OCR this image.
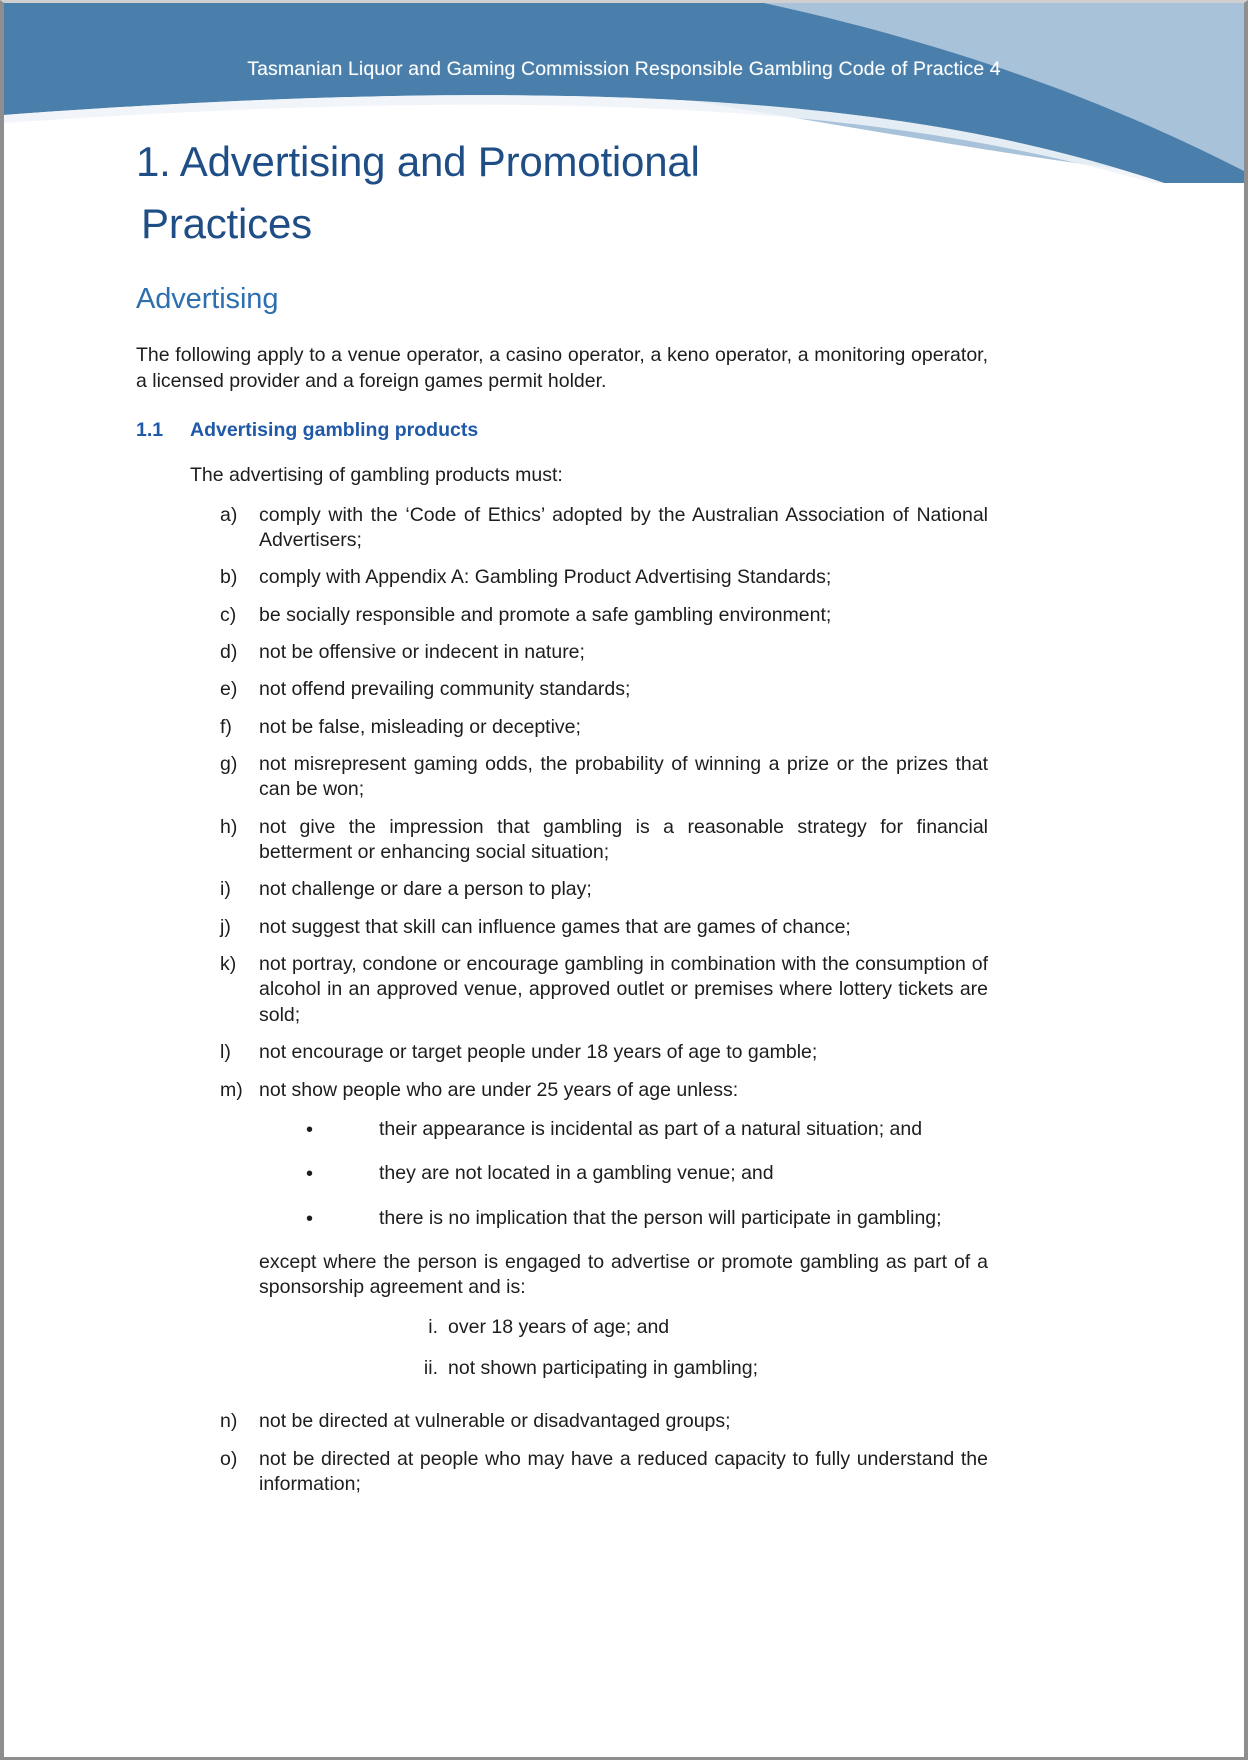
Tasmanian Liquor and Gaming Commission Responsible Gambling Code of Practice 4
1. Advertising and Promotional Practices
Advertising

The following apply to a venue operator, a casino operator, a keno operator, a monitoring operator, a licensed provider and a foreign games permit holder.

1.1	Advertising gambling products

The advertising of gambling products must:

a)	comply with the ‘Code of Ethics’ adopted by the Australian Association of National Advertisers;
b)	comply with Appendix A: Gambling Product Advertising Standards;
c)	be socially responsible and promote a safe gambling environment;
d)	not be offensive or indecent in nature;
e)	not offend prevailing community standards;
f)	not be false, misleading or deceptive;
g)	not misrepresent gaming odds, the probability of winning a prize or the prizes that can be won;
h)	not give the impression that gambling is a reasonable strategy for financial betterment or enhancing social situation;
i)	not challenge or dare a person to play;
j)	not suggest that skill can influence games that are games of chance;
k)	not portray, condone or encourage gambling in combination with the consumption of alcohol in an approved venue, approved outlet or premises where lottery tickets are sold;
l)	not encourage or target people under 18 years of age to gamble;
m) not show people who are under 25 years of age unless:
•
their appearance is incidental as part of a natural situation; and
•
they are not located in a gambling venue; and
•
there is no implication that the person will participate in gambling;

except where the person is engaged to advertise or promote gambling as part of a sponsorship agreement and is:

i. over 18 years of age; and
ii. not shown participating in gambling;
n)	not be directed at vulnerable or disadvantaged groups;
o)	not be directed at people who may have a reduced capacity to fully understand the information;
